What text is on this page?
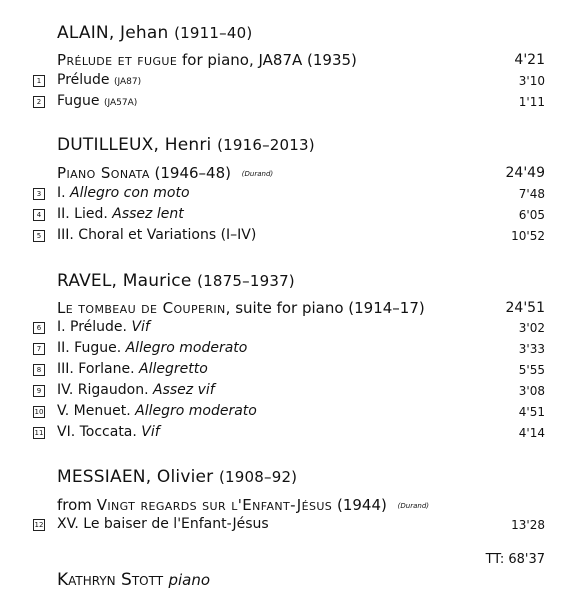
ALAIN, Jehan (1911–40)
Prélude et fugue for piano, JA87A (1935)	4'21
1 Prélude (JA87)	3'10
2 Fugue (JA57A)	1'11
DUTILLEUX, Henri (1916–2013)
Piano Sonata (1946–48) (Durand)	24'49
3 I. Allegro con moto	7'48
4 II. Lied. Assez lent	6'05
5 III. Choral et Variations (I–IV)	10'52
RAVEL, Maurice (1875–1937)
Le tombeau de Couperin, suite for piano (1914–17)	24'51
6 I. Prélude. Vif	3'02
7 II. Fugue. Allegro moderato	3'33
8 III. Forlane. Allegretto	5'55
9 IV. Rigaudon. Assez vif	3'08
10 V. Menuet. Allegro moderato	4'51
11 VI. Toccata. Vif	4'14
MESSIAEN, Olivier (1908–92)
from Vingt regards sur l'Enfant-Jésus (1944) (Durand)
12 XV. Le baiser de l'Enfant-Jésus	13'28
TT: 68'37
Kathryn Stott piano
